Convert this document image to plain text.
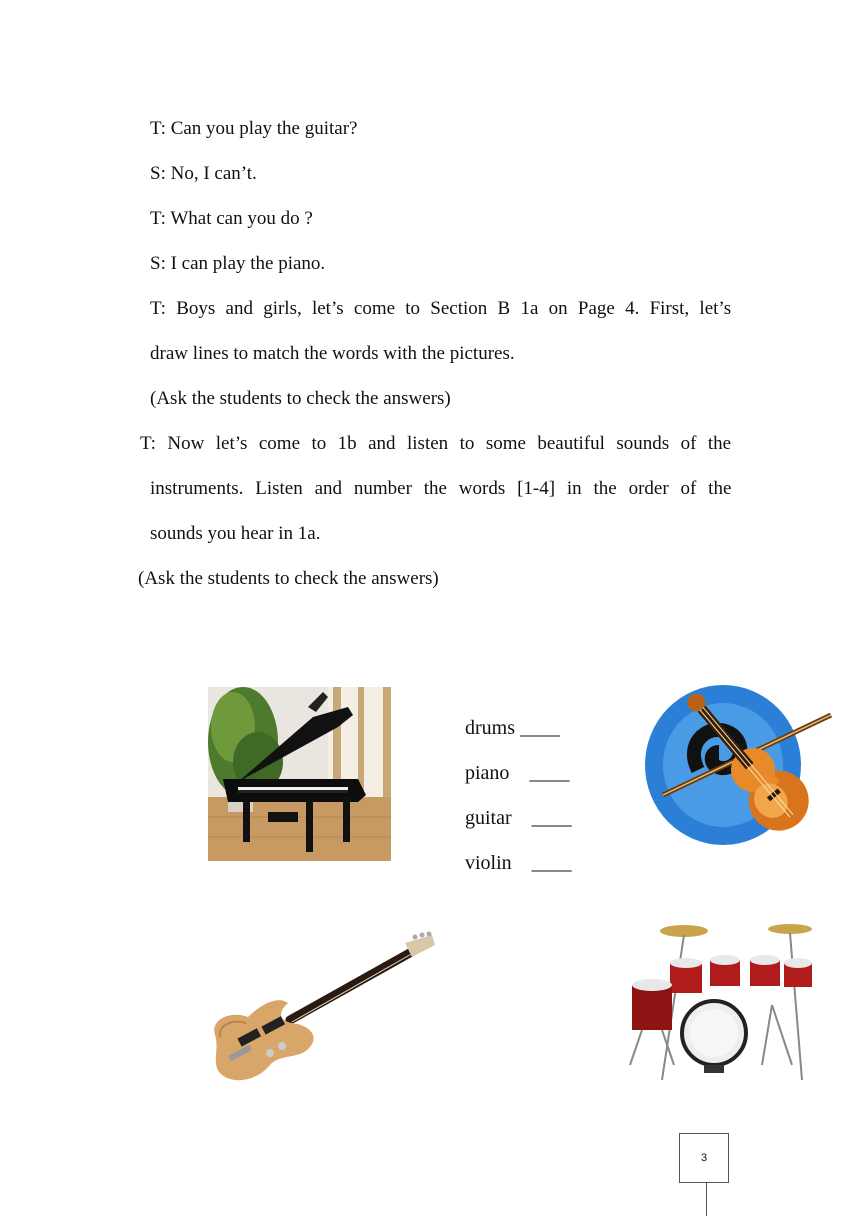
T: Can you play the guitar?
S: No, I can’t.
T: What can you do ?
S: I can play the piano.
T: Boys and girls, let’s come to Section B 1a on Page 4. First, let’s
draw lines to match the words with the pictures.
(Ask the students to check the answers)
T: Now let’s come to 1b and listen to some beautiful sounds of the
instruments. Listen and number the words [1-4] in the order of the
sounds you hear in 1a.
(Ask the students to check the answers)
drums ____
piano ____
guitar ____
violin ____
3
